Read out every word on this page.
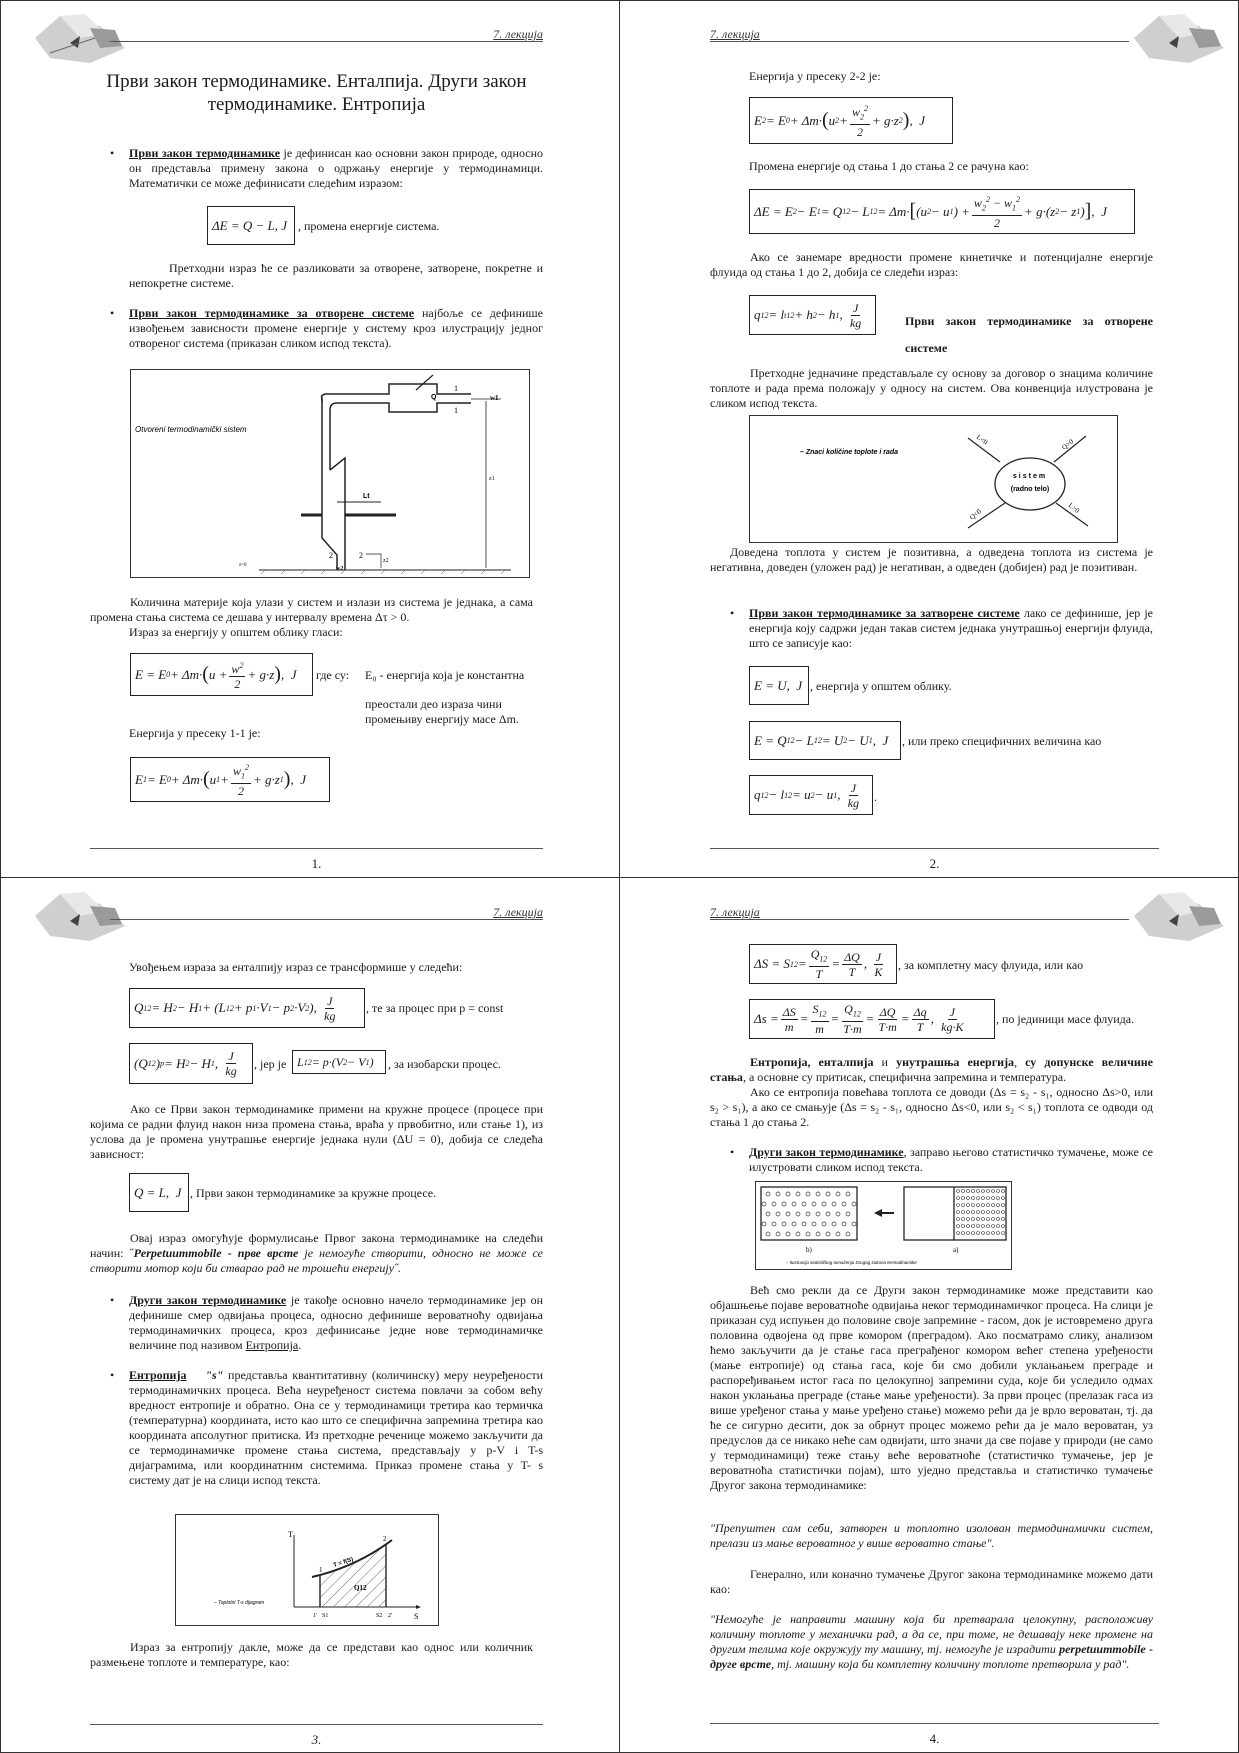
7. лекција
Први закон термодинамике. Енталпија. Други закон термодинамике. Ентропија
• Први закон термодинамике је дефинисан као основни закон природе, односно он представља примену закона о одржању енергије у термодинамици. Математички се може дефинисати следећим изразом:
ΔE = Q − L, J , промена енергије система.
Претходни израз ће се разликовати за отворене, затворене, покретне и непокретне системе.
• Први закон термодинамике за отворене системе најбоље се дефинише извођењем зависности промене енергије у систему кроз илустрацију једног отвореног система (приказан сликом испод текста).
Otvoreni termodinamički sistem
Q
Lt
1
1
w1
z1
2	2
z2
w2
z=0
Количина материје која улази у систем и излази из система је једнака, а сама промена стања система се дешава у интервалу времена Δτ > 0.
Израз за енергију у општем облику гласи:
E = E 0 + Δm· ( $u + \frac{w^2}{2} + g\cdot z$ ) ,  J	где су: E₀ - енергија која је константна
преостали део израза чини промењиву енергију масе Δm.
Енергија у пресеку 1-1 је:
E 1 = E 0 + Δm· ( u $1 + \frac{w_1^2}{2} + g\cdot z$ 1 ) ,  J
1.
7. лекција
Енергија у пресеку 2-2 је:
E 2 = E 0 + Δm· ( u $2 + \frac{w_2^2}{2} + g\cdot z$ 2 ) ,  J
Промена енергије од стања 1 до стања 2 се рачуна као:
ΔE = E 2 − E 1 = Q 12 − L 12 = Δm· [ (u 2 − u 1 ) + $\frac{w_2^2 - w_1^2}{2} + g\cdot(z$ 2 − z 1 ) ] ,  J
Ако се занемаре вредности промене кинетичке и потенцијалне енергије флуида од стања 1 до 2, добија се следећи израз:
q 12 = l t12 + h 2 − h 1 , $\frac{J}{kg}$	Први закон термодинамике за отворене системе
Претходне једначине представљале су основу за договор о знацима количине топлоте и рада према положају у односу на систем. Ова конвенција илустрована је сликом испод текста.
– Znaci količine toplote i rada
sistem
(radno telo)
L<0	Q>0
Q<0	L>0
Доведена топлота у систем је позитивна, а одведена топлота из система је негативна, доведен (уложен рад) је негативан, а одведен (добијен) рад је позитиван.
• Први закон термодинамике за затворене системе лако се дефинише, јер је енергија коју садржи један такав систем једнака унутрашњој енергији флуида, што се записује као:
E = U,  J , енергија у општем облику.
E = Q 12 − L 12 = U 2 − U 1 ,  J	, или преко специфичних величина као
q 12 − l 12 = u 2 − u 1 , $\frac{J}{kg}$ .
2.
7. лекција
Увођењем израза за енталпију израз се трансформише у следећи:
Q 12 = H 2 − H 1 + (L 12 + p 1 ·V 1 − p 2 ·V 2 ), $\frac{J}{kg}$ , те за процес при p = const
(Q 12 ) p = H 2 − H 1 , $\frac{J}{kg}$ , јер је L 12 = p·(V 2 − V 1 )	, за изобарски процес.
Ако се Први закон термодинамике примени на кружне процесе (процесе при којима се радни флуид након низа промена стања, враћа у првобитно, или стање 1), из услова да је промена унутрашње енергије једнака нули (ΔU = 0), добија се следећа зависност:
Q = L,  J , Први закон термодинамике за кружне процесе.
Овај израз омогућује формулисање Првог закона термодинамике на следећи начин: ˝Perpetuummobile - прве врсте је немогуће створити, односно не може се створити мотор који би стварао рад не трошећи енергију˝.
• Други закон термодинамике је такође основно начело термодинамике јер он дефинише смер одвијања процеса, односно дефинише вероватноћу одвијања термодинамичких процеса, кроз дефинисање једне нове термодинамичке величине под називом Ентропија.
• Ентропија "s" представља квантитативну (количинску) меру неуређености термодинамичких процеса. Већа неуређеност система повлачи за собом већу вредност ентропије и обратно. Она се у термодинамици третира као термичка (температурна) координата, исто као што се специфична запремина третира као координата апсолутног притиска. Из претходне реченице можемо закључити да се термодинамичке промене стања система, представљају у p-V i T-s дијаграмима, или координатним системима. Приказ промене стања у T- s систему дат је на слици испод текста.
– Toplotni T-s dijagram
T
S
1
2
T = f(S)
Q12
1' S1	S2 2'
Израз за ентропију дакле, може да се представи као однос или количник размењене топлоте и температуре, као:
3.
7. лекција
ΔS = S $12 = \frac{Q_{12}}{T} = \frac{\Delta Q}{T}$ , $\frac{J}{K}$ , за комплетну масу флуида, или као
$\Delta s = \frac{\Delta S}{m} = \frac{S_{12}}{m} = \frac{Q_{12}}{T\cdot m} = \frac{\Delta Q}{T\cdot m} = \frac{\Delta q}{T}$ , $\frac{J}{kg\cdot K}$	, по јединици масе флуида.
Ентропија, енталпија и унутрашња енергија, су допунске величине стања, а основне су притисак, специфична запремина и температура.
Ако се ентропија повећава топлота се доводи (Δs = s₂ - s₁, односно Δs>0, или s₂ > s₁), а ако се смањује (Δs = s₂ - s₁, односно Δs<0, или s₂ < s₁) топлота се одводи од стања 1 до стања 2.
• Други закон термодинамике, заправо његово статистичко тумачење, може се илустровати сликом испод текста.
b)	a)
– Ilustracija statističkog tumačenja Drugog zakona termodinamike
Већ смо рекли да се Други закон термодинамике може представити као објашњење појаве вероватноће одвијања неког термодинамичког процеса. На слици је приказан суд испуњен до половине своје запремине - гасом, док је истовремено друга половина одвојена од прве комором (преградом). Ако посматрамо слику, анализом ћемо закључити да је стање гаса преграђеног комором већег степена уређености (мање ентропије) од стања гаса, које би смо добили уклањањем преграде и распоређивањем истог гаса по целокупној запремини суда, које би уследило одмах након уклањања преграде (стање мање уређености). За први процес (прелазак гаса из више уређеног стања у мање уређено стање) можемо рећи да је врло вероватан, тј. да ће се сигурно десити, док за обрнут процес можемо рећи да је мало вероватан, уз предуслов да се никако неће сам одвијати, што значи да све појаве у природи (не само у термодинамици) теже стању веће вероватноће (статистичко тумачење, јер је вероватноћа статистички појам), што уједно представља и статистичко тумачење Другог закона термодинамике:
"Препуштен сам себи, затворен и топлотно изолован термодинамички систем, прелази из мање вероватног у више вероватно стање".
Генерално, или коначно тумачење Другог закона термодинамике можемо дати као:
"Немогуће је направити машину која би претварала целокупну, расположиву количину топлоте у механички рад, а да се, при томе, не дешавају неке промене на другим телима које окружују ту машину, тј. немогуће је израдити perpetuummobile - друге врсте, тј. машину која би комплетну количину топлоте претворила у рад".
4.
